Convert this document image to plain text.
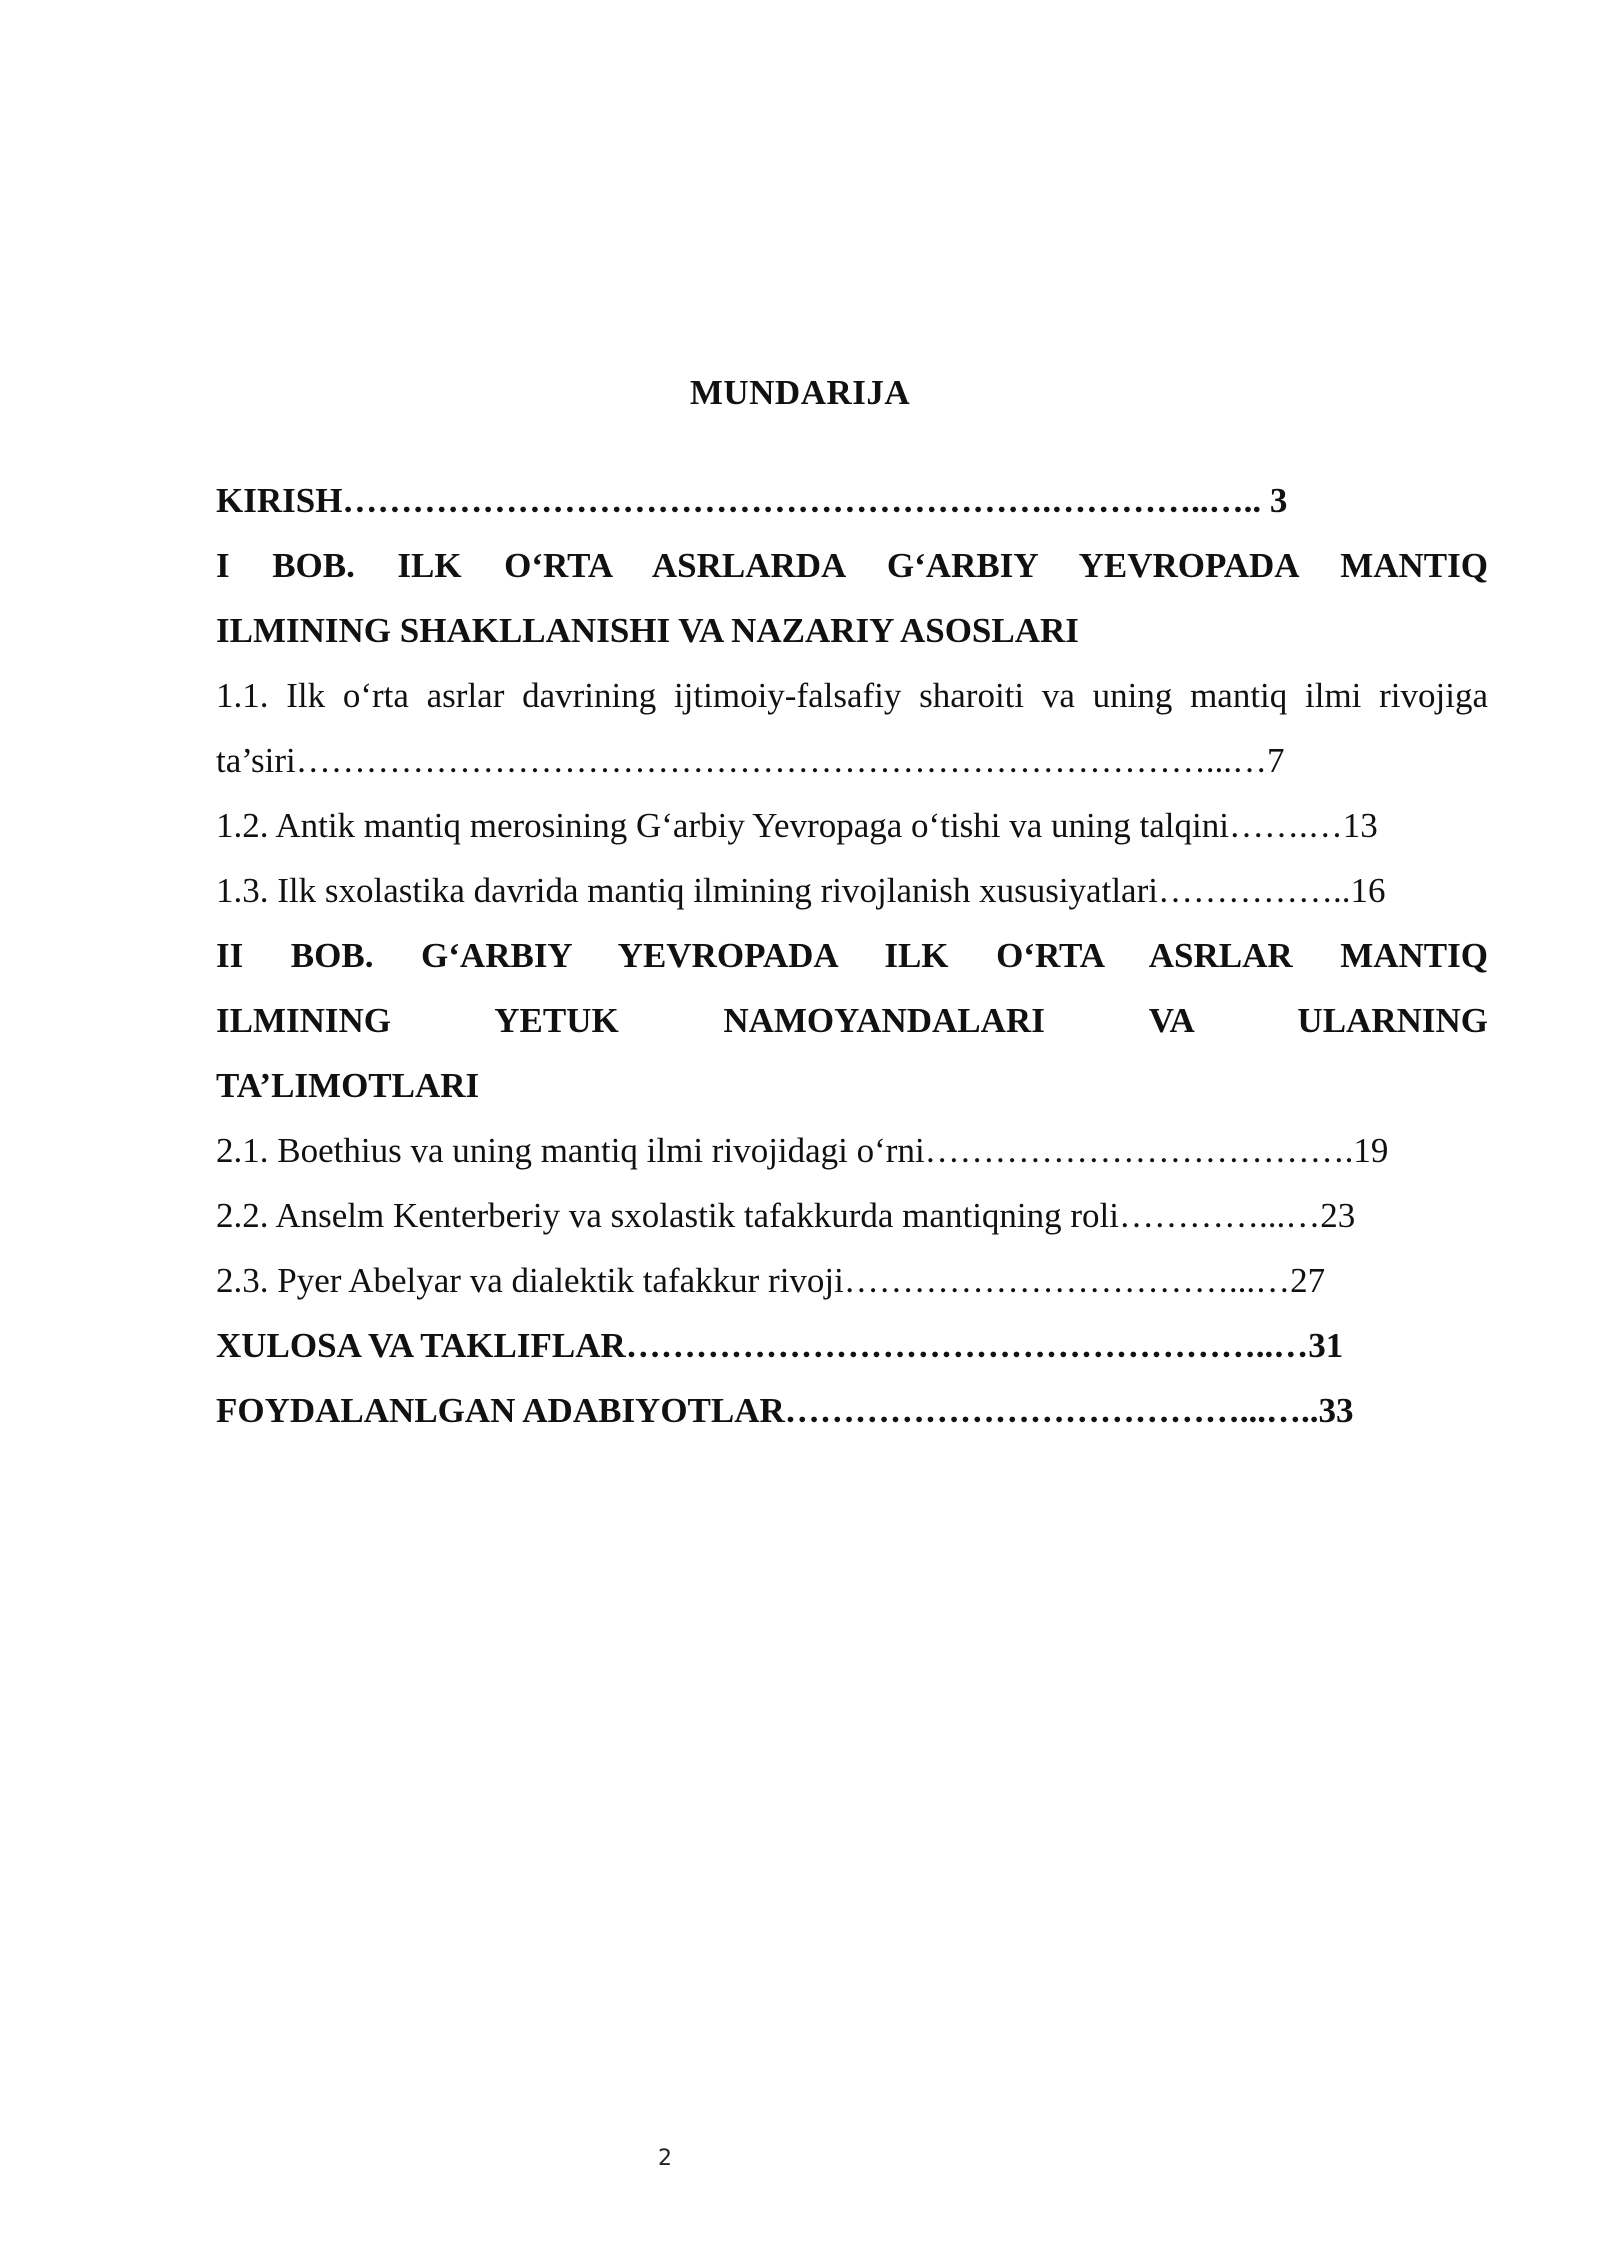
MUNDARIJA
KIRISH…………………………………………………….…………..….. 3
I BOB. ILK O‘RTA ASRLARDA G‘ARBIY YEVROPADA MANTIQ
ILMINING SHAKLLANISHI VA NAZARIY ASOSLARI
1.1. Ilk o‘rta asrlar davrining ijtimoiy-falsafiy sharoiti va uning mantiq ilmi rivojiga
ta’siri……………………………………………………………………...…7
1.2. Antik mantiq merosining G‘arbiy Yevropaga o‘tishi va uning talqini…….…13
1.3. Ilk sxolastika davrida mantiq ilmining rivojlanish xususiyatlari……………..16
II BOB. G‘ARBIY YEVROPADA ILK O‘RTA ASRLAR MANTIQ
ILMINING YETUK NAMOYANDALARI VA ULARNING
TA’LIMOTLARI
2.1. Boethius va uning mantiq ilmi rivojidagi o‘rni……………………………….19
2.2. Anselm Kenterberiy va sxolastik tafakkurda mantiqning roli…………...…23
2.3. Pyer Abelyar va dialektik tafakkur rivoji……………………………...…27
XULOSA VA TAKLIFLAR………………………………………………..…31
FOYDALANLGAN ADABIYOTLAR…………………………………...…..33
2
